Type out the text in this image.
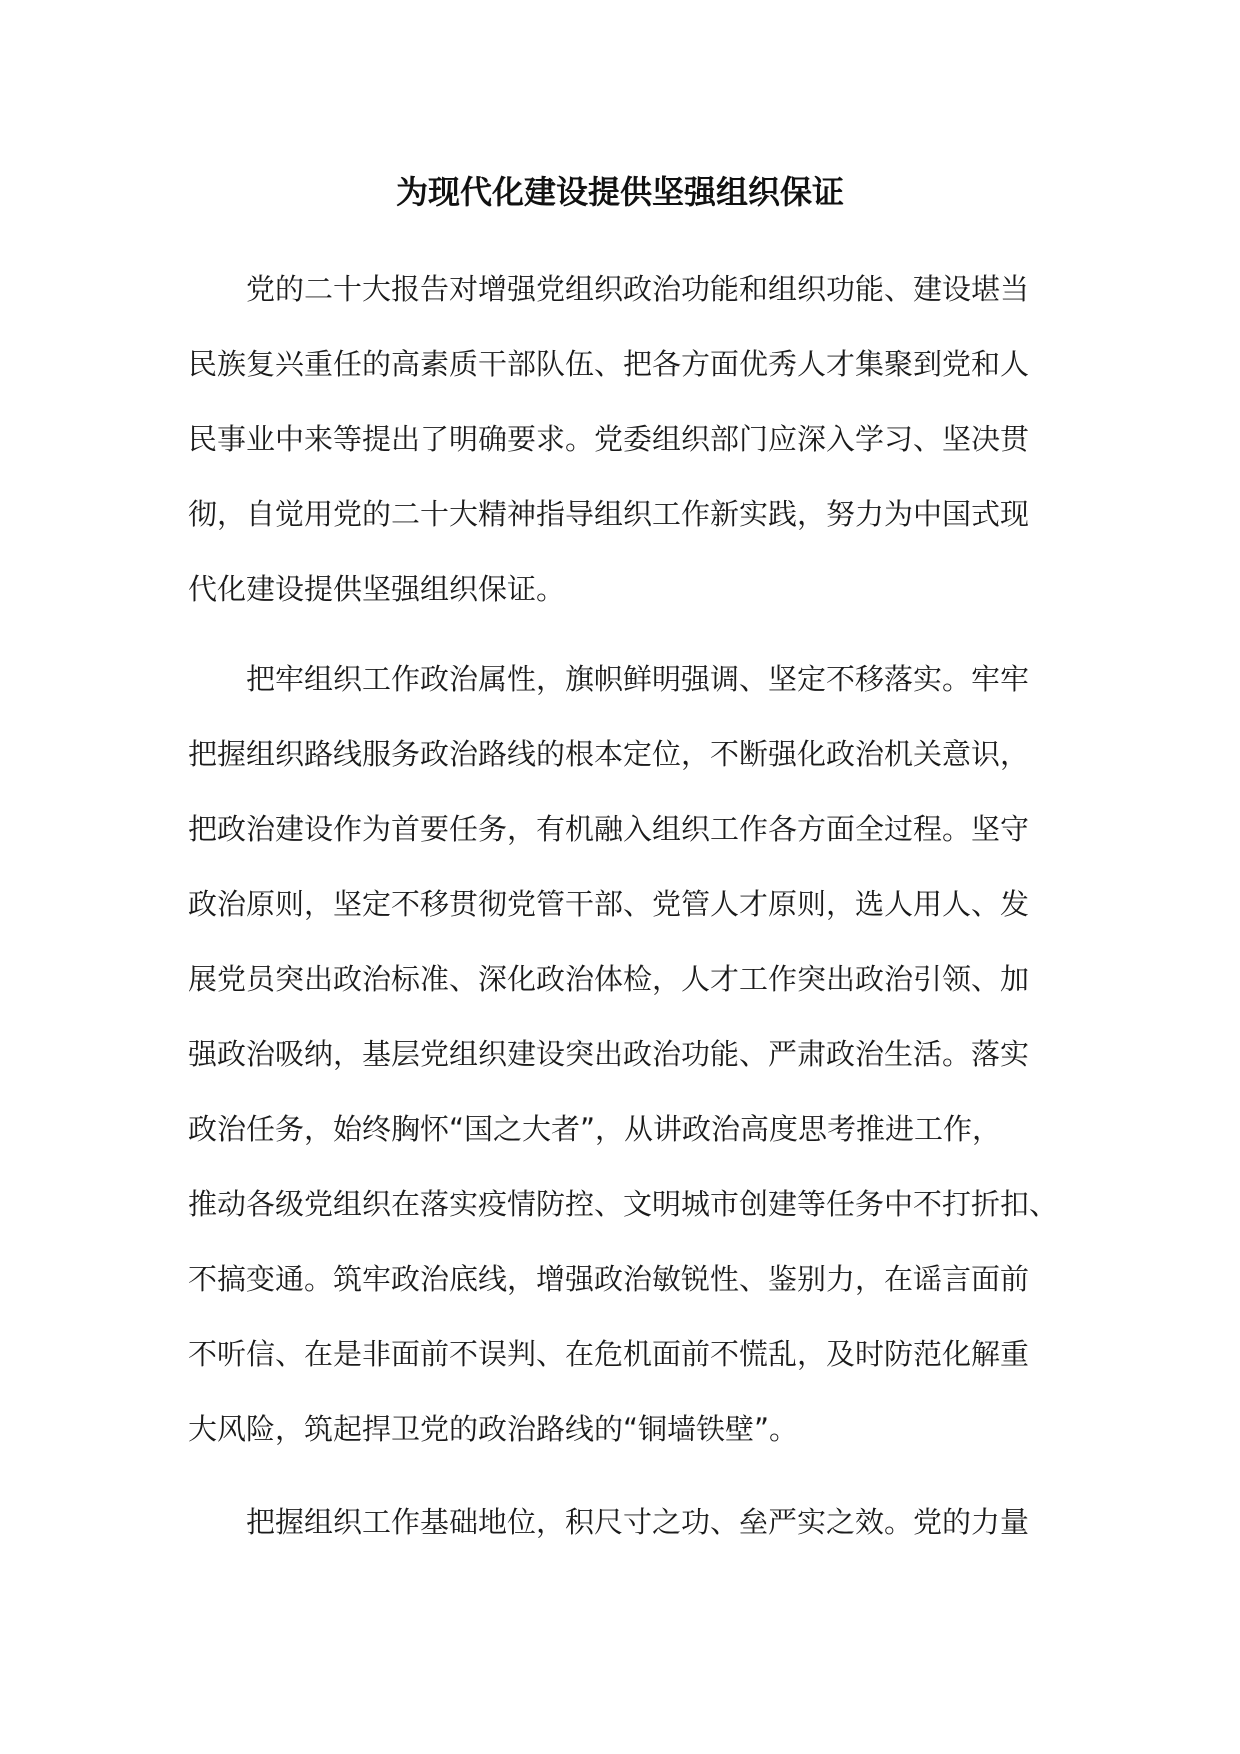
为现代化建设提供坚强组织保证
党的二十大报告对增强党组织政治功能和组织功能、建设堪当
民族复兴重任的高素质干部队伍、把各方面优秀人才集聚到党和人
民事业中来等提出了明确要求。党委组织部门应深入学习、坚决贯
彻，自觉用党的二十大精神指导组织工作新实践，努力为中国式现
代化建设提供坚强组织保证。
把牢组织工作政治属性，旗帜鲜明强调、坚定不移落实。牢牢
把握组织路线服务政治路线的根本定位，不断强化政治机关意识，
把政治建设作为首要任务，有机融入组织工作各方面全过程。坚守
政治原则，坚定不移贯彻党管干部、党管人才原则，选人用人、发
展党员突出政治标准、深化政治体检，人才工作突出政治引领、加
强政治吸纳，基层党组织建设突出政治功能、严肃政治生活。落实
政治任务，始终胸怀“国之大者”，从讲政治高度思考推进工作，
推动各级党组织在落实疫情防控、文明城市创建等任务中不打折扣、
不搞变通。筑牢政治底线，增强政治敏锐性、鉴别力，在谣言面前
不听信、在是非面前不误判、在危机面前不慌乱，及时防范化解重
大风险，筑起捍卫党的政治路线的“铜墙铁壁”。
把握组织工作基础地位，积尺寸之功、垒严实之效。党的力量
